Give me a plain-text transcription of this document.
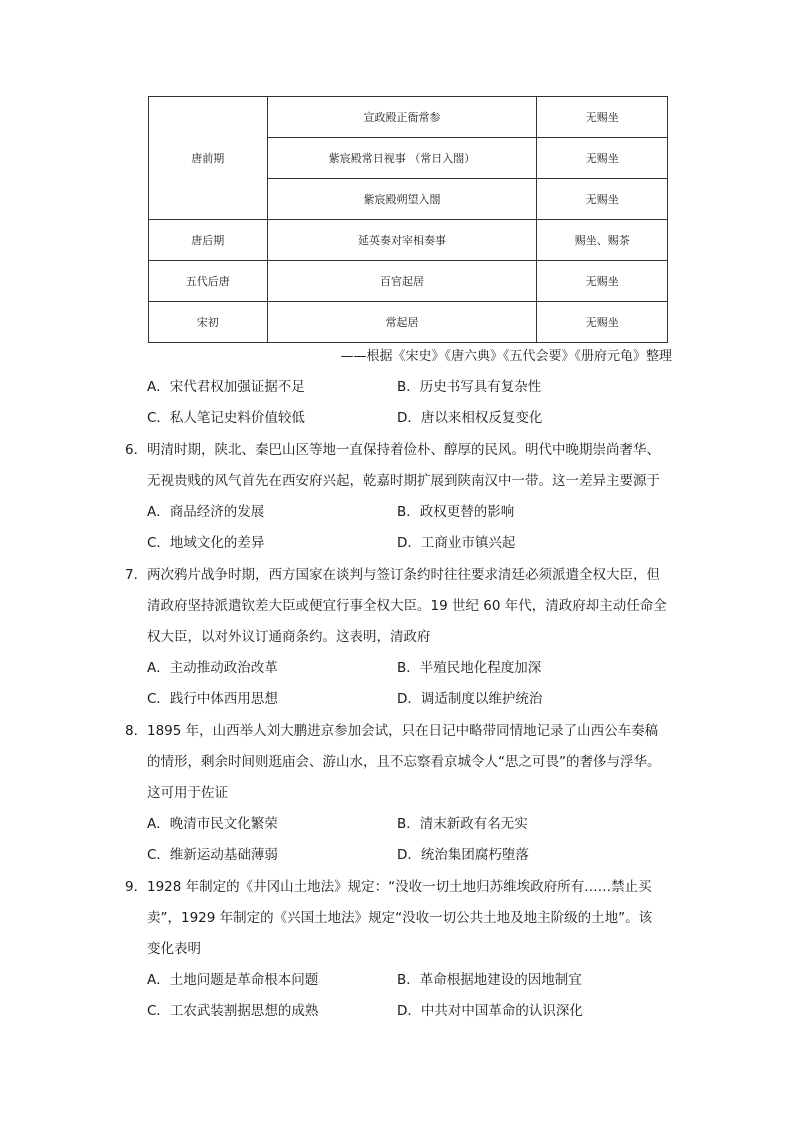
唐前期	宣政殿正衙常参	无赐坐
	紫宸殿常日视事 （常日入閤）	无赐坐
	紫宸殿朔望入閤	无赐坐
唐后期	延英奏对宰相奏事	赐坐、赐茶
五代后唐	百官起居	无赐坐
宋初	常起居	无赐坐
——根据《宋史》《唐六典》《五代会要》《册府元龟》整理
A．宋代君权加强证据不足	B．历史书写具有复杂性
C．私人笔记史料价值较低	D．唐以来相权反复变化
6． 明清时期，陕北、秦巴山区等地一直保持着俭朴、醇厚的民风。明代中晚期崇尚奢华、
无视贵贱的风气首先在西安府兴起，乾嘉时期扩展到陕南汉中一带。这一差异主要源于

A．商品经济的发展	B．政权更替的影响
C．地域文化的差异	D．工商业市镇兴起
7． 两次鸦片战争时期，西方国家在谈判与签订条约时往往要求清廷必须派遣全权大臣，但
清政府坚持派遣钦差大臣或便宜行事全权大臣。19 世纪 60 年代，清政府却主动任命全
权大臣，以对外议订通商条约。这表明，清政府

A．主动推动政治改革	B．半殖民地化程度加深
C．践行中体西用思想	D．调适制度以维护统治
8． 1895 年，山西举人刘大鹏进京参加会试，只在日记中略带同情地记录了山西公车奏稿
的情形，剩余时间则逛庙会、游山水，且不忘察看京城令人“思之可畏”的奢侈与浮华。
这可用于佐证

A．晚清市民文化繁荣	B．清末新政有名无实
C．维新运动基础薄弱	D．统治集团腐朽堕落
9． 1928 年制定的《井冈山土地法》规定：“没收一切土地归苏维埃政府所有……禁止买
卖”，1929 年制定的《兴国土地法》规定“没收一切公共土地及地主阶级的土地”。该
变化表明

A．土地问题是革命根本问题	B．革命根据地建设的因地制宜
C．工农武装割据思想的成熟	D．中共对中国革命的认识深化
